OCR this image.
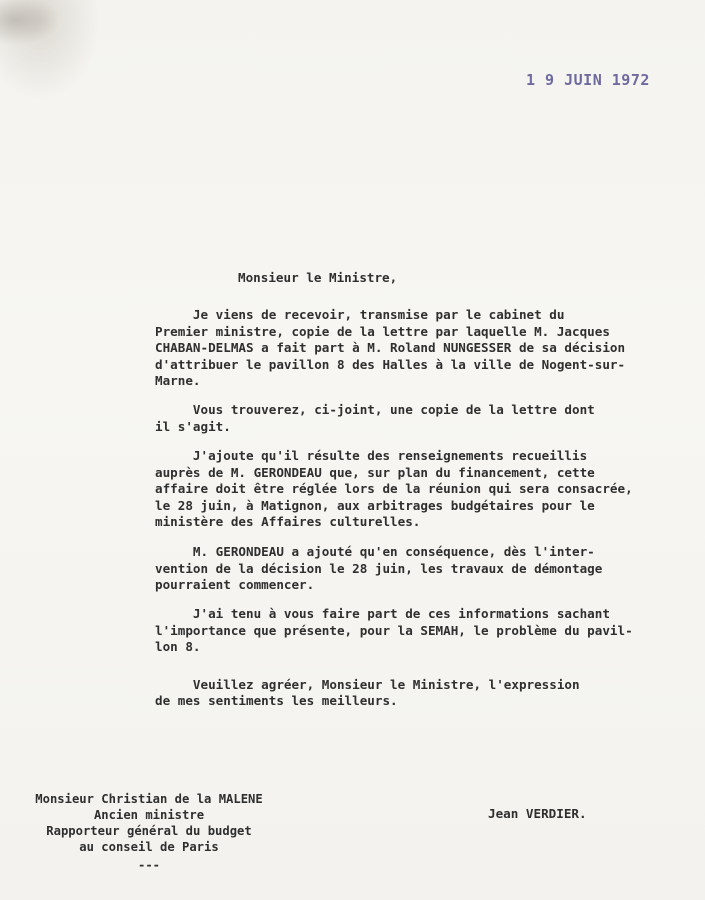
1 9 JUIN 1972
Monsieur le Ministre,
Je viens de recevoir, transmise par le cabinet du
Premier ministre, copie de la lettre par laquelle M. Jacques
CHABAN-DELMAS a fait part à M. Roland NUNGESSER de sa décision
d'attribuer le pavillon 8 des Halles à la ville de Nogent-sur-
Marne.
Vous trouverez, ci-joint, une copie de la lettre dont
il s'agit.
J'ajoute qu'il résulte des renseignements recueillis
auprès de M. GERONDEAU que, sur plan du financement, cette
affaire doit être réglée lors de la réunion qui sera consacrée,
le 28 juin, à Matignon, aux arbitrages budgétaires pour le
ministère des Affaires culturelles.
M. GERONDEAU a ajouté qu'en conséquence, dès l'inter-
vention de la décision le 28 juin, les travaux de démontage
pourraient commencer.
J'ai tenu à vous faire part de ces informations sachant
l'importance que présente, pour la SEMAH, le problème du pavil-
lon 8.
Veuillez agréer, Monsieur le Ministre, l'expression
de mes sentiments les meilleurs.
Monsieur Christian de la MALENE
Ancien ministre
Rapporteur général du budget
au conseil de Paris
---
Jean VERDIER.
